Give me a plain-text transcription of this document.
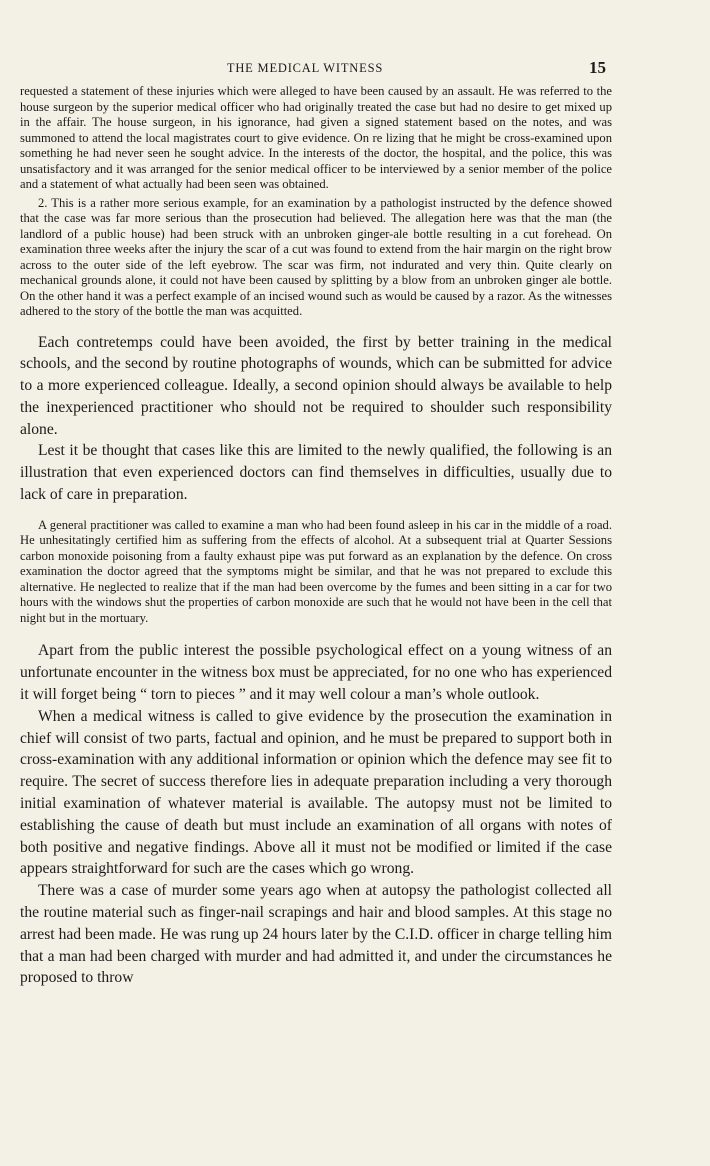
THE MEDICAL WITNESS	15

requested a statement of these injuries which were alleged to have been caused by an assault. He was referred to the house surgeon by the superior medical officer who had originally treated the case but had no desire to get mixed up in the affair. The house surgeon, in his ignorance, had given a signed statement based on the notes, and was summoned to attend the local magistrates court to give evidence. On re lizing that he might be cross-examined upon something he had never seen he sought advice. In the interests of the doctor, the hospital, and the police, this was unsatisfactory and it was arranged for the senior medical officer to be interviewed by a senior member of the police and a statement of what actually had been seen was obtained.

2. This is a rather more serious example, for an examination by a pathologist instructed by the defence showed that the case was far more serious than the prosecution had believed. The allegation here was that the man (the landlord of a public house) had been struck with an unbroken ginger-ale bottle resulting in a cut forehead. On examination three weeks after the injury the scar of a cut was found to extend from the hair margin on the right brow across to the outer side of the left eyebrow. The scar was firm, not indurated and very thin. Quite clearly on mechanical grounds alone, it could not have been caused by splitting by a blow from an unbroken ginger ale bottle. On the other hand it was a perfect example of an incised wound such as would be caused by a razor. As the witnesses adhered to the story of the bottle the man was acquitted.

Each contretemps could have been avoided, the first by better training in the medical schools, and the second by routine photographs of wounds, which can be submitted for advice to a more experienced colleague. Ideally, a second opinion should always be available to help the inexperienced practitioner who should not be required to shoulder such responsibility alone.

Lest it be thought that cases like this are limited to the newly qualified, the following is an illustration that even experienced doctors can find themselves in difficulties, usually due to lack of care in preparation.

A general practitioner was called to examine a man who had been found asleep in his car in the middle of a road. He unhesitatingly certified him as suffering from the effects of alcohol. At a subsequent trial at Quarter Sessions carbon monoxide poisoning from a faulty exhaust pipe was put forward as an explanation by the defence. On cross examination the doctor agreed that the symptoms might be similar, and that he was not prepared to exclude this alternative. He neglected to realize that if the man had been overcome by the fumes and been sitting in a car for two hours with the windows shut the properties of carbon monoxide are such that he would not have been in the cell that night but in the mortuary.

Apart from the public interest the possible psychological effect on a young witness of an unfortunate encounter in the witness box must be appreciated, for no one who has experienced it will forget being “ torn to pieces ” and it may well colour a man’s whole outlook.

When a medical witness is called to give evidence by the prosecution the examination in chief will consist of two parts, factual and opinion, and he must be prepared to support both in cross-examination with any additional information or opinion which the defence may see fit to require. The secret of success therefore lies in adequate preparation including a very thorough initial examination of whatever material is available. The autopsy must not be limited to establishing the cause of death but must include an examination of all organs with notes of both positive and negative findings. Above all it must not be modified or limited if the case appears straightforward for such are the cases which go wrong.

There was a case of murder some years ago when at autopsy the pathologist collected all the routine material such as finger-nail scrapings and hair and blood samples. At this stage no arrest had been made. He was rung up 24 hours later by the C.I.D. officer in charge telling him that a man had been charged with murder and had admitted it, and under the circumstances he proposed to throw
